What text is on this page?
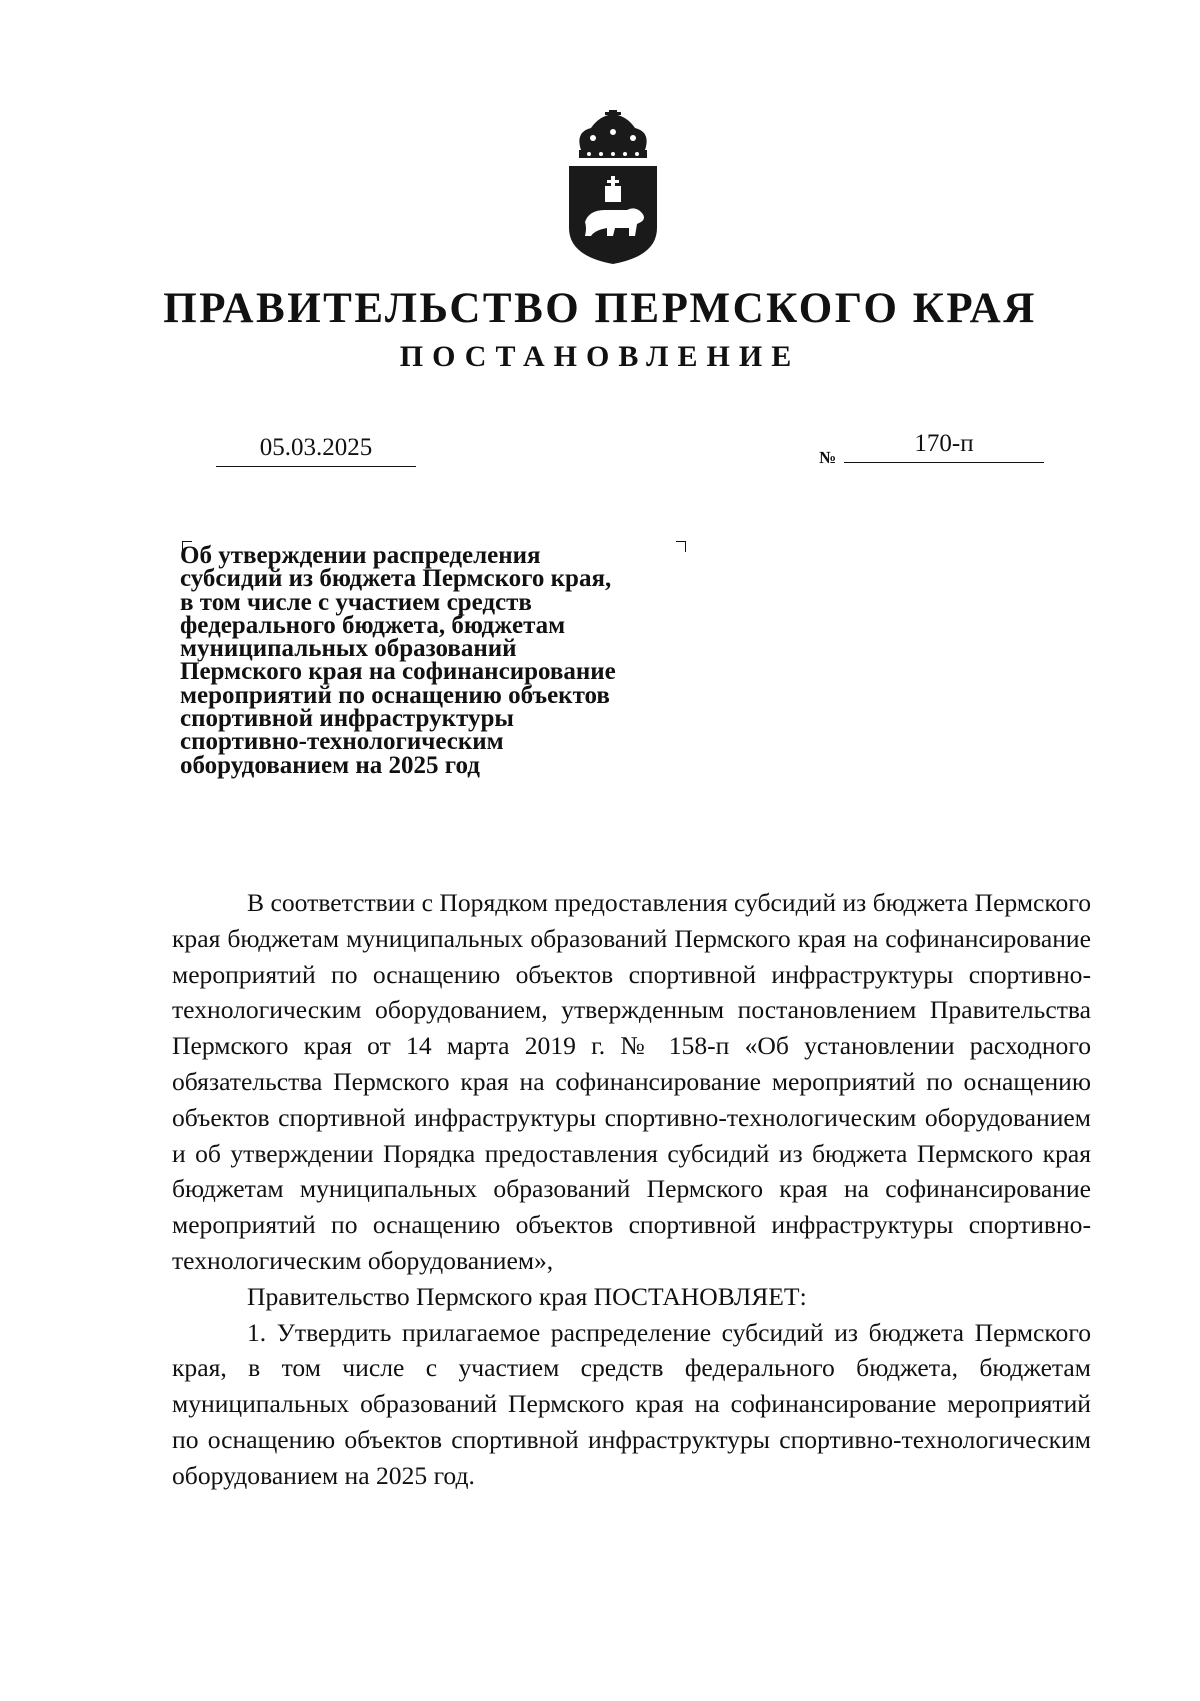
ПРАВИТЕЛЬСТВО ПЕРМСКОГО КРАЯ
ПОСТАНОВЛЕНИЕ
05.03.2025	№
170-п
Об утверждении распределения
субсидий из бюджета Пермского края,
в том числе с участием средств
федерального бюджета, бюджетам
муниципальных образований
Пермского края на софинансирование
мероприятий по оснащению объектов
спортивной инфраструктуры
спортивно-технологическим
оборудованием на 2025 год

В соответствии с Порядком предоставления субсидий из бюджета Пермского края бюджетам муниципальных образований Пермского края на софинансирование мероприятий по оснащению объектов спортивной инфраструктуры спортивно-технологическим оборудованием, утвержденным постановлением Правительства Пермского края от 14 марта 2019 г. № 158-п «Об установлении расходного обязательства Пермского края на софинансирование мероприятий по оснащению объектов спортивной инфраструктуры спортивно-технологическим оборудованием и об утверждении Порядка предоставления субсидий из бюджета Пермского края бюджетам муниципальных образований Пермского края на софинансирование мероприятий по оснащению объектов спортивной инфраструктуры спортивно-технологическим оборудованием»,

Правительство Пермского края ПОСТАНОВЛЯЕТ:

1. Утвердить прилагаемое распределение субсидий из бюджета Пермского края, в том числе с участием средств федерального бюджета, бюджетам муниципальных образований Пермского края на софинансирование мероприятий по оснащению объектов спортивной инфраструктуры спортивно-технологическим оборудованием на 2025 год.
